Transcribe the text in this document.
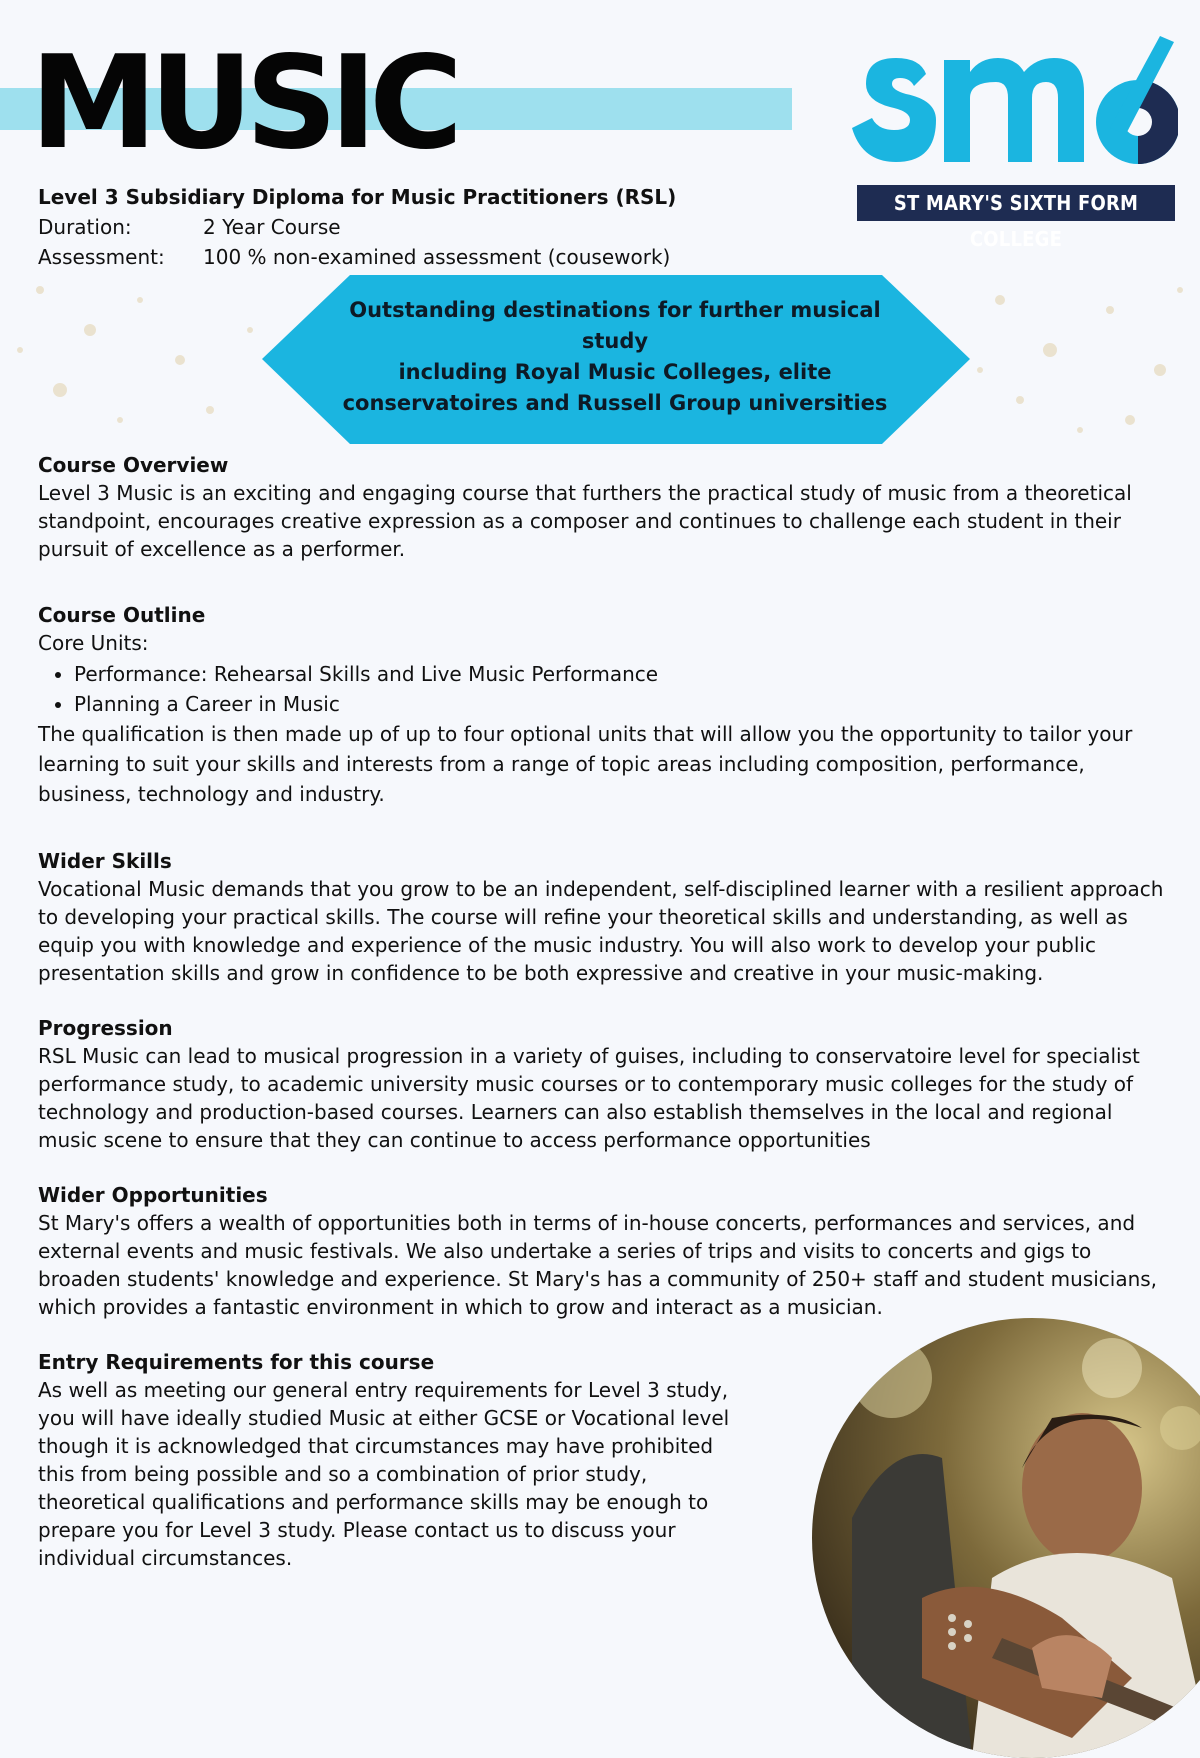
MUSIC
ST MARY'S SIXTH FORM COLLEGE
Level 3 Subsidiary Diploma for Music Practitioners (RSL)
Duration:	2 Year Course
Assessment:	100 % non-examined assessment (cousework)
Outstanding destinations for further musical study
including Royal Music Colleges, elite
conservatoires and Russell Group universities
Course Overview

Level 3 Music is an exciting and engaging course that furthers the practical study of music from a theoretical standpoint, encourages creative expression as a composer and continues to challenge each student in their pursuit of excellence as a performer.

Course Outline

Core Units:

• Performance: Rehearsal Skills and Live Music Performance
• Planning a Career in Music

The qualification is then made up of up to four optional units that will allow you the opportunity to tailor your learning to suit your skills and interests from a range of topic areas including composition, performance, business, technology and industry.

Wider Skills

Vocational Music demands that you grow to be an independent, self-disciplined learner with a resilient approach to developing your practical skills. The course will refine your theoretical skills and understanding, as well as equip you with knowledge and experience of the music industry. You will also work to develop your public presentation skills and grow in confidence to be both expressive and creative in your music-making.

Progression

RSL Music can lead to musical progression in a variety of guises, including to conservatoire level for specialist performance study, to academic university music courses or to contemporary music colleges for the study of technology and production-based courses. Learners can also establish themselves in the local and regional music scene to ensure that they can continue to access performance opportunities

Wider Opportunities

St Mary's offers a wealth of opportunities both in terms of in-house concerts, performances and services, and external events and music festivals. We also undertake a series of trips and visits to concerts and gigs to broaden students' knowledge and experience. St Mary's has a community of 250+ staff and student musicians, which provides a fantastic environment in which to grow and interact as a musician.

Entry Requirements for this course

As well as meeting our general entry requirements for Level 3 study, you will have ideally studied Music at either GCSE or Vocational level though it is acknowledged that circumstances may have prohibited this from being possible and so a combination of prior study, theoretical qualifications and performance skills may be enough to prepare you for Level 3 study. Please contact us to discuss your individual circumstances.
